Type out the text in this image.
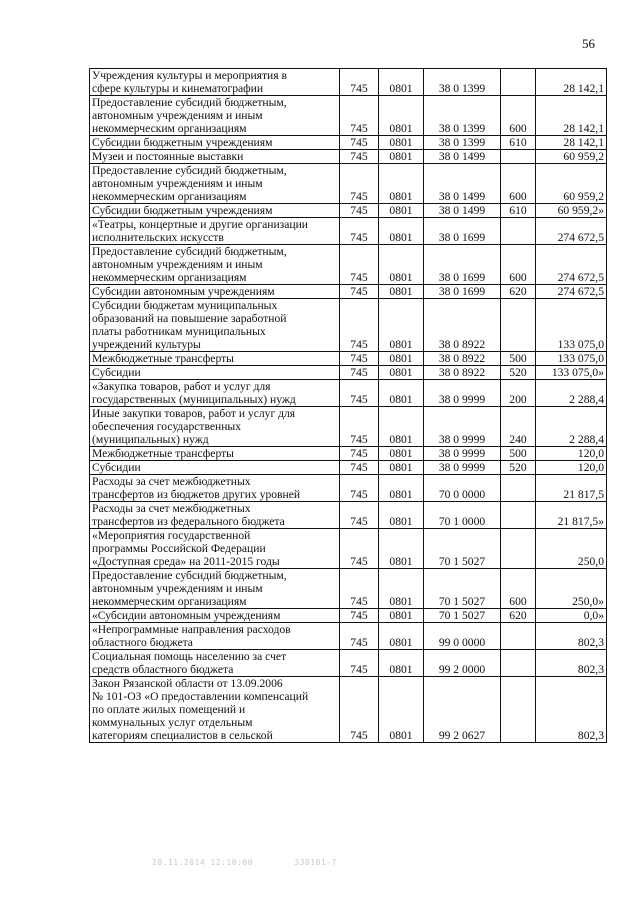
56
Учреждения культуры и мероприятия в
сфере культуры и кинематографии	745	0801	38 0 1399		28 142,1

Предоставление субсидий бюджетным,
автономным учреждениям и иным
некоммерческим организациям	745	0801	38 0 1399	600	28 142,1

Субсидии бюджетным учреждениям	745	0801	38 0 1399	610	28 142,1

Музеи и постоянные выставки	745	0801	38 0 1499		60 959,2

Предоставление субсидий бюджетным,
автономным учреждениям и иным
некоммерческим организациям	745	0801	38 0 1499	600	60 959,2

Субсидии бюджетным учреждениям	745	0801	38 0 1499	610	60 959,2»

«Театры, концертные и другие организации
исполнительских искусств	745	0801	38 0 1699		274 672,5

Предоставление субсидий бюджетным,
автономным учреждениям и иным
некоммерческим организациям	745	0801	38 0 1699	600	274 672,5

Субсидии автономным учреждениям	745	0801	38 0 1699	620	274 672,5

Субсидии бюджетам муниципальных
образований на повышение заработной
платы работникам муниципальных
учреждений культуры	745	0801	38 0 8922		133 075,0

Межбюджетные трансферты	745	0801	38 0 8922	500	133 075,0

Субсидии	745	0801	38 0 8922	520	133 075,0»

«Закупка товаров, работ и услуг для
государственных (муниципальных) нужд	745	0801	38 0 9999	200	2 288,4

Иные закупки товаров, работ и услуг для
обеспечения государственных
(муниципальных) нужд	745	0801	38 0 9999	240	2 288,4

Межбюджетные трансферты	745	0801	38 0 9999	500	120,0

Субсидии	745	0801	38 0 9999	520	120,0

Расходы за счет межбюджетных
трансфертов из бюджетов других уровней	745	0801	70 0 0000		21 817,5

Расходы за счет межбюджетных
трансфертов из федерального бюджета	745	0801	70 1 0000		21 817,5»

«Мероприятия государственной
программы Российской Федерации
«Доступная среда» на 2011-2015 годы	745	0801	70 1 5027		250,0

Предоставление субсидий бюджетным,
автономным учреждениям и иным
некоммерческим организациям	745	0801	70 1 5027	600	250,0»

«Субсидии автономным учреждениям	745	0801	70 1 5027	620	0,0»

«Непрограммные направления расходов
областного бюджета	745	0801	99 0 0000		802,3

Социальная помощь населению за счет
средств областного бюджета	745	0801	99 2 0000		802,3

Закон Рязанской области от 13.09.2006
№ 101-ОЗ «О предоставлении компенсаций
по оплате жилых помещений и
коммунальных услуг отдельным
категориям специалистов в сельской	745	0801	99 2 0627		802,3
28.11.2014 12:10:00	330101-7
